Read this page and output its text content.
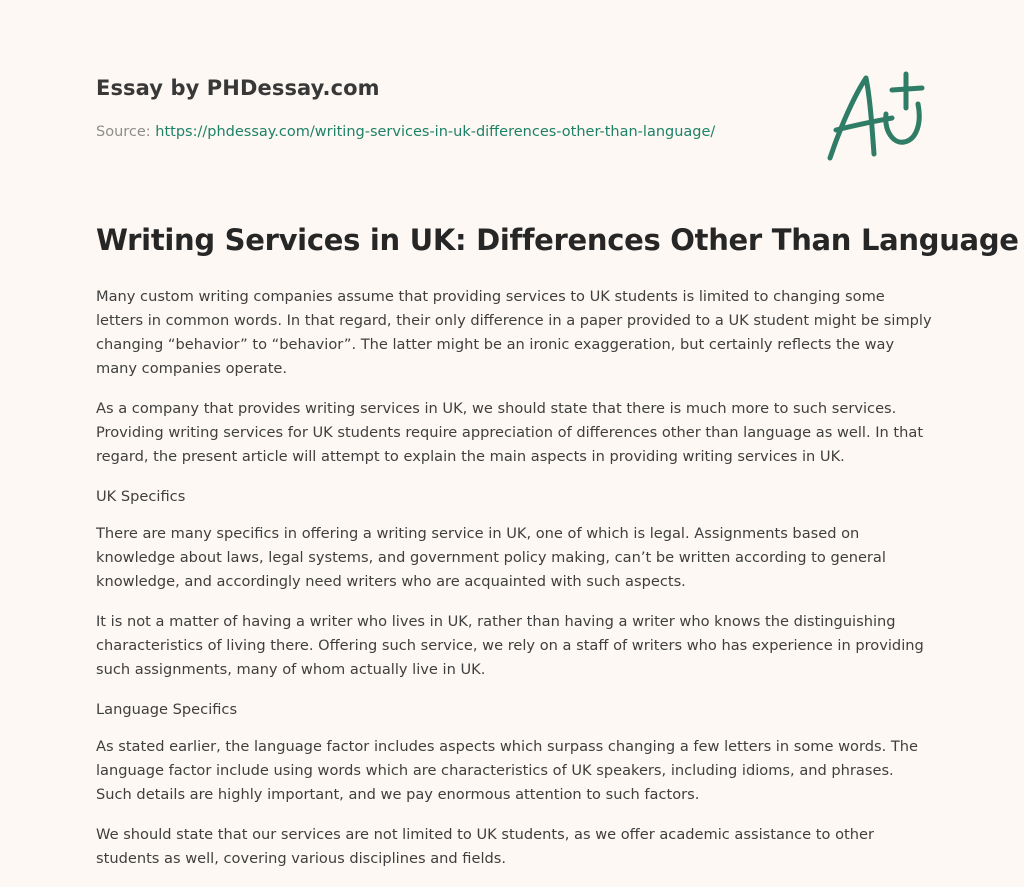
Essay by PHDessay.com
Source: https://phdessay.com/writing-services-in-uk-differences-other-than-language/
Writing Services in UK: Differences Other Than Language

Many custom writing companies assume that providing services to UK students is limited to changing some letters in common words. In that regard, their only difference in a paper provided to a UK student might be simply changing “behavior” to “behavior”. The latter might be an ironic exaggeration, but certainly reflects the way many companies operate.

As a company that provides writing services in UK, we should state that there is much more to such services. Providing writing services for UK students require appreciation of differences other than language as well. In that regard, the present article will attempt to explain the main aspects in providing writing services in UK.

UK Specifics

There are many specifics in offering a writing service in UK, one of which is legal. Assignments based on knowledge about laws, legal systems, and government policy making, can’t be written according to general knowledge, and accordingly need writers who are acquainted with such aspects.

It is not a matter of having a writer who lives in UK, rather than having a writer who knows the distinguishing characteristics of living there. Offering such service, we rely on a staff of writers who has experience in providing such assignments, many of whom actually live in UK.

Language Specifics

As stated earlier, the language factor includes aspects which surpass changing a few letters in some words. The language factor include using words which are characteristics of UK speakers, including idioms, and phrases. Such details are highly important, and we pay enormous attention to such factors.

We should state that our services are not limited to UK students, as we offer academic assistance to other students as well, covering various disciplines and fields.
